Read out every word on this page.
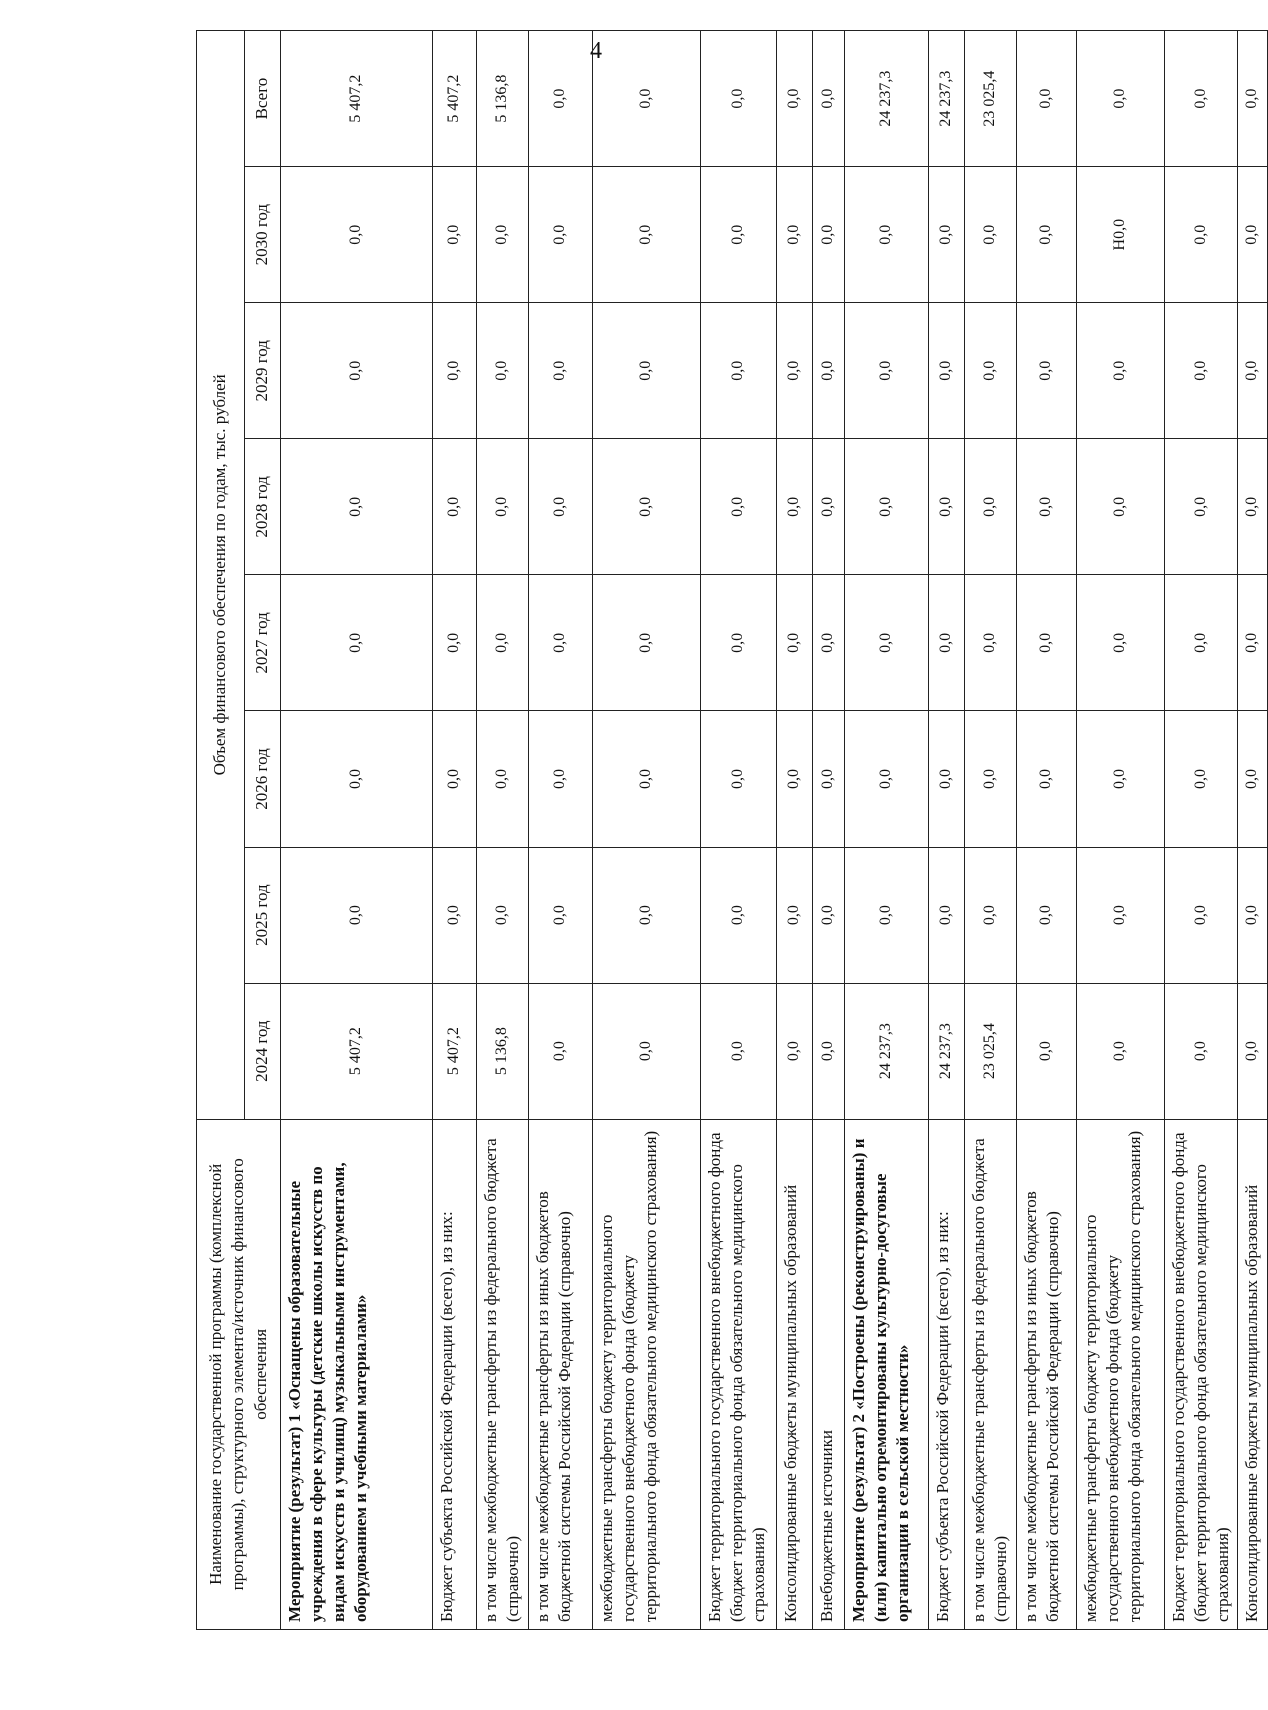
4
Наименование государственной программы (комплексной программы), структурного элемента/источник финансового обеспечения	Объем финансового обеспечения по годам, тыс. рублей							
	2024 год	2025 год	2026 год	2027 год	2028 год	2029 год	2030 год	Всего
Мероприятие (результат) 1 «Оснащены образовательные учреждения в сфере культуры (детские школы искусств по видам искусств и училищ) музыкальными инструментами, оборудованием и учебными материалами»	5 407,2	0,0	0,0	0,0	0,0	0,0	0,0	5 407,2
Бюджет субъекта Российской Федерации (всего), из них:	5 407,2	0,0	0,0	0,0	0,0	0,0	0,0	5 407,2
в том числе межбюджетные трансферты из федерального бюджета (справочно)	5 136,8	0,0	0,0	0,0	0,0	0,0	0,0	5 136,8
в том числе межбюджетные трансферты из иных бюджетов бюджетной системы Российской Федерации (справочно)	0,0	0,0	0,0	0,0	0,0	0,0	0,0	0,0
межбюджетные трансферты бюджету территориального государственного внебюджетного фонда (бюджету территориального фонда обязательного медицинского страхования)	0,0	0,0	0,0	0,0	0,0	0,0	0,0	0,0
Бюджет территориального государственного внебюджетного фонда (бюджет территориального фонда обязательного медицинского страхования)	0,0	0,0	0,0	0,0	0,0	0,0	0,0	0,0
Консолидированные бюджеты муниципальных образований	0,0	0,0	0,0	0,0	0,0	0,0	0,0	0,0
Внебюджетные источники	0,0	0,0	0,0	0,0	0,0	0,0	0,0	0,0
Мероприятие (результат) 2 «Построены (реконструированы) и (или) капитально отремонтированы культурно-досуговые организации в сельской местности»	24 237,3	0,0	0,0	0,0	0,0	0,0	0,0	24 237,3
Бюджет субъекта Российской Федерации (всего), из них:	24 237,3	0,0	0,0	0,0	0,0	0,0	0,0	24 237,3
в том числе межбюджетные трансферты из федерального бюджета (справочно)	23 025,4	0,0	0,0	0,0	0,0	0,0	0,0	23 025,4
в том числе межбюджетные трансферты из иных бюджетов бюджетной системы Российской Федерации (справочно)	0,0	0,0	0,0	0,0	0,0	0,0	0,0	0,0
межбюджетные трансферты бюджету территориального государственного внебюджетного фонда (бюджету территориального фонда обязательного медицинского страхования)	0,0	0,0	0,0	0,0	0,0	0,0	Н0,0	0,0
Бюджет территориального государственного внебюджетного фонда (бюджет территориального фонда обязательного медицинского страхования)	0,0	0,0	0,0	0,0	0,0	0,0	0,0	0,0
Консолидированные бюджеты муниципальных образований	0,0	0,0	0,0	0,0	0,0	0,0	0,0	0,0
